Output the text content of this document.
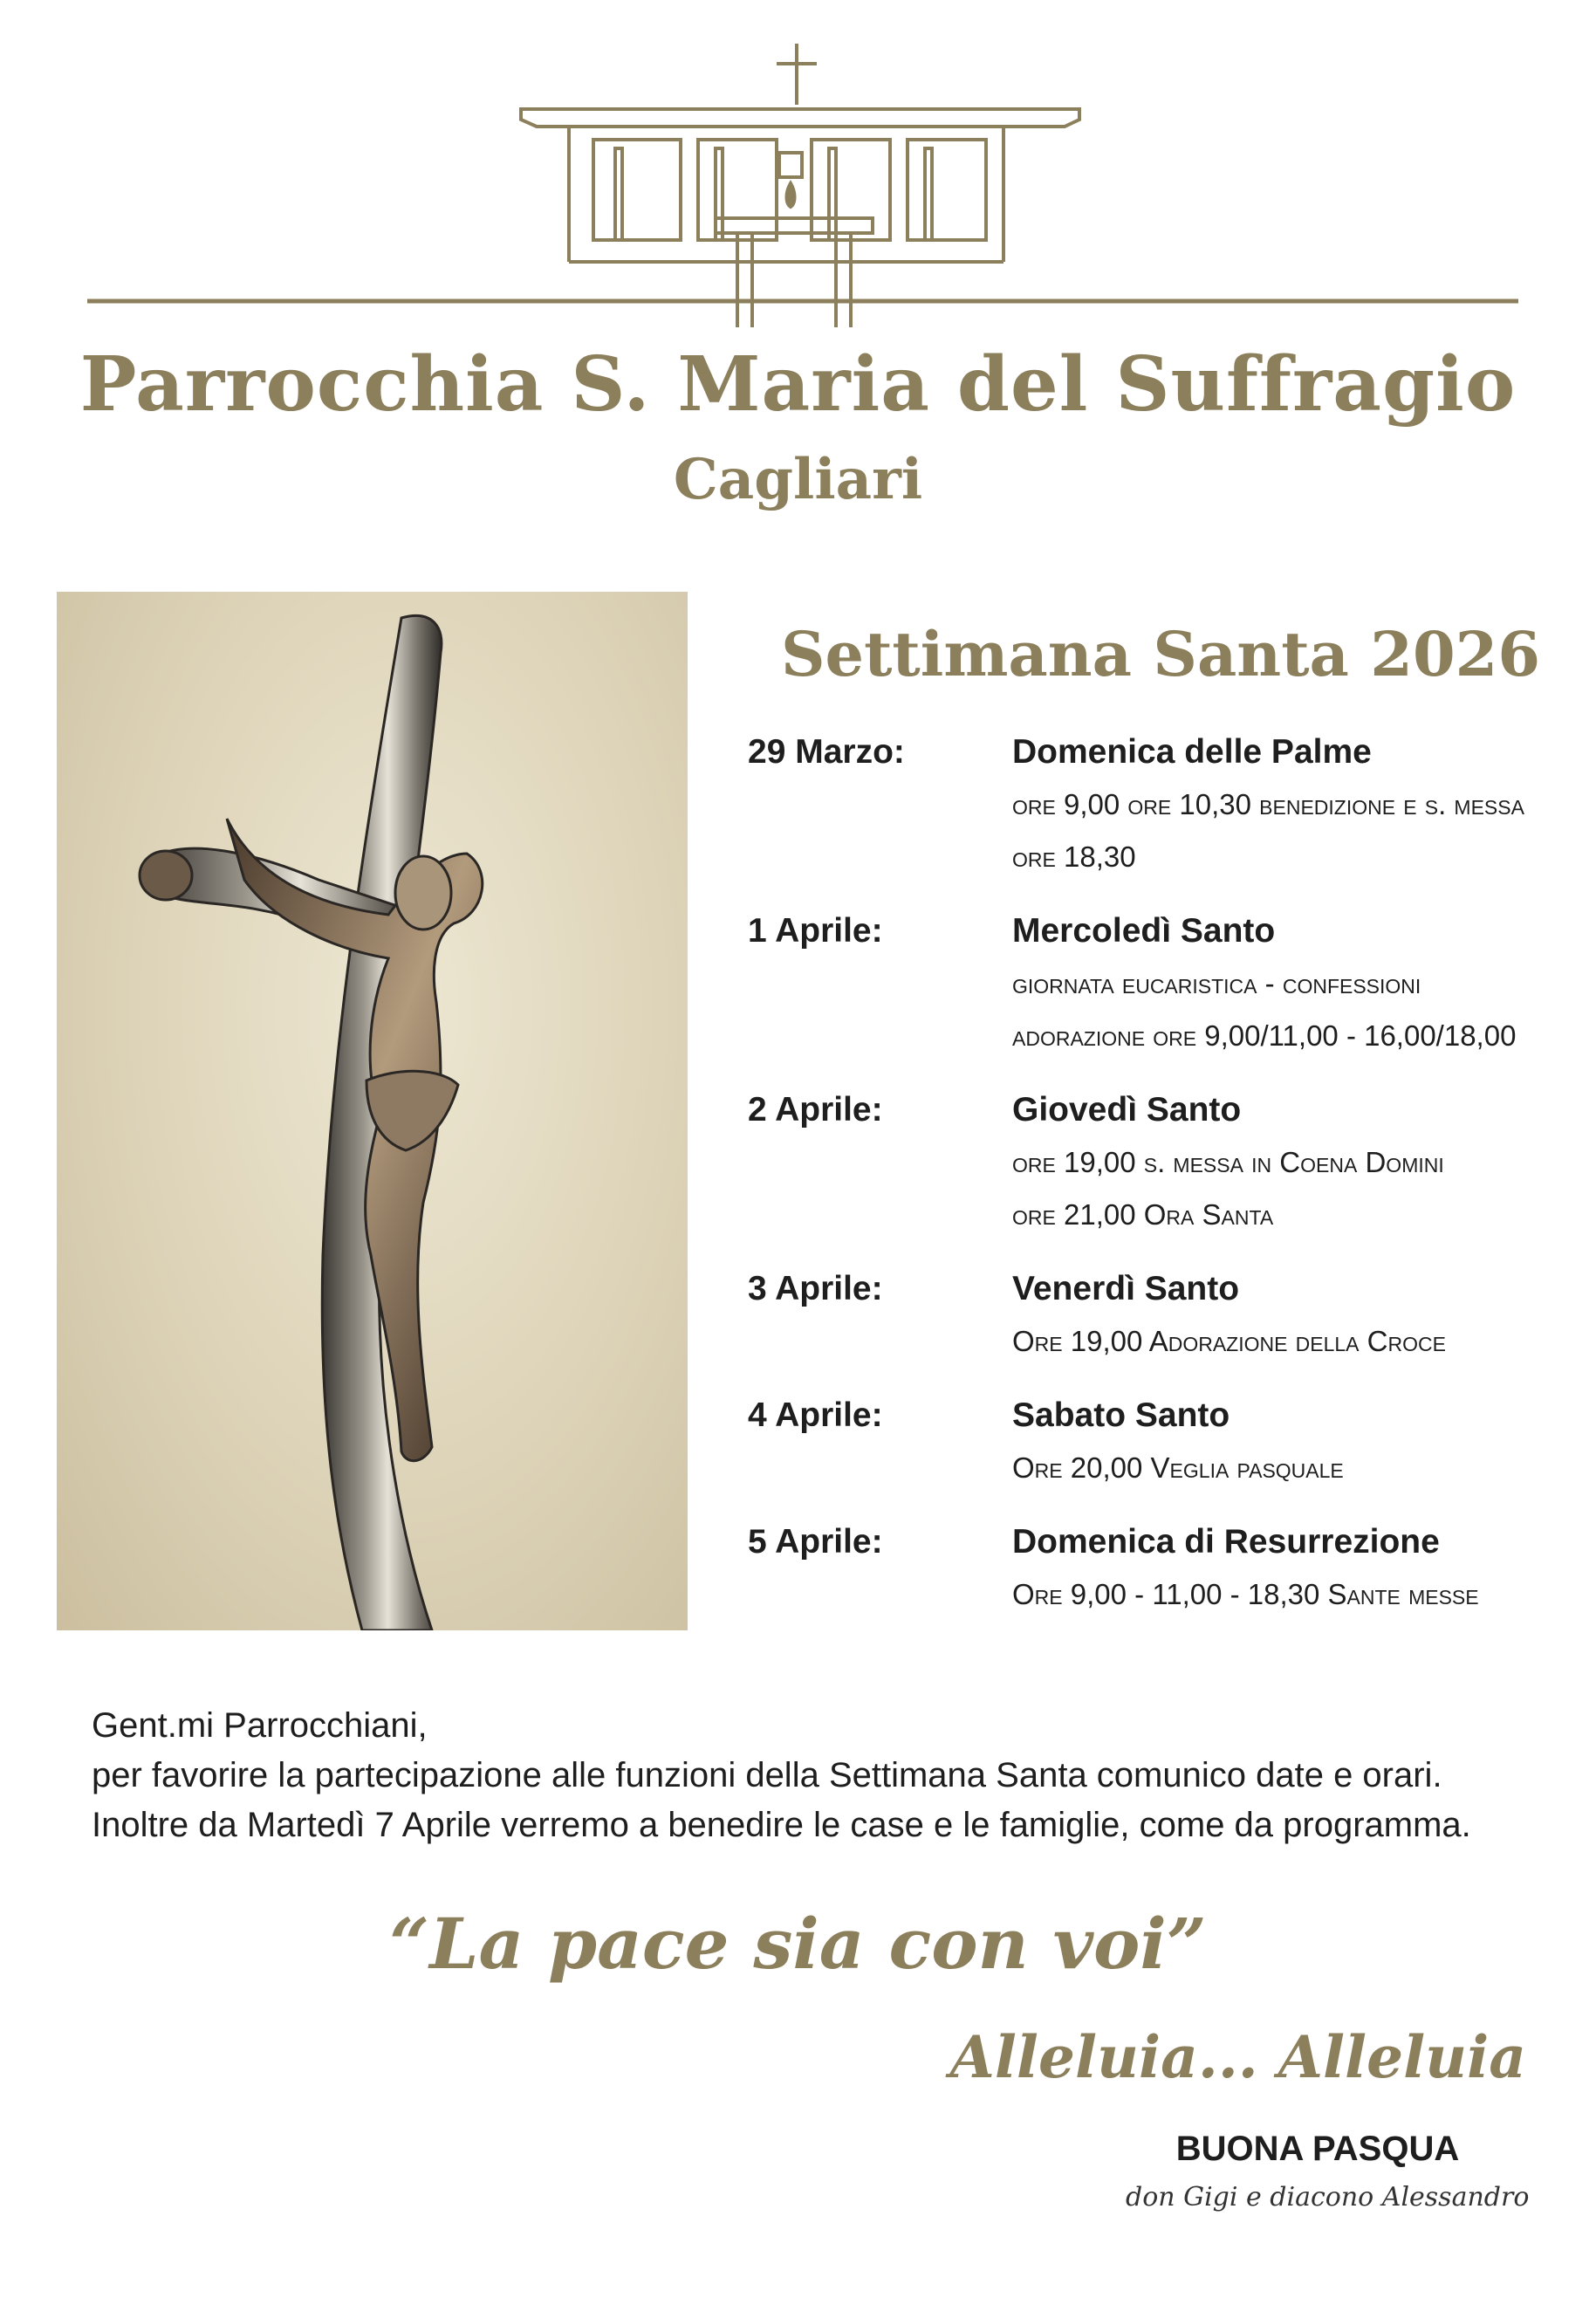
Parrocchia S. Maria del Suffragio
Cagliari
Settimana Santa 2026
29 Marzo:	Domenica delle Palme
ore 9,00 ore 10,30 benedizione e s. messa
ore 18,30
1 Aprile:	Mercoledì Santo
giornata eucaristica - confessioni
adorazione ore 9,00/11,00 - 16,00/18,00
2 Aprile:	Giovedì Santo
ore 19,00 s. messa in Coena Domini
ore 21,00 Ora Santa
3 Aprile:	Venerdì Santo
Ore 19,00 Adorazione della Croce
4 Aprile:	Sabato Santo
Ore 20,00 Veglia pasquale
5 Aprile:	Domenica di Resurrezione
Ore 9,00 - 11,00 - 18,30 Sante messe
Gent.mi Parrocchiani,
per favorire la partecipazione alle funzioni della Settimana Santa comunico date e orari.
Inoltre da Martedì 7 Aprile verremo a benedire le case e le famiglie, come da programma.
“La pace sia con voi”
Alleluia... Alleluia
BUONA PASQUA
don Gigi e diacono Alessandro
